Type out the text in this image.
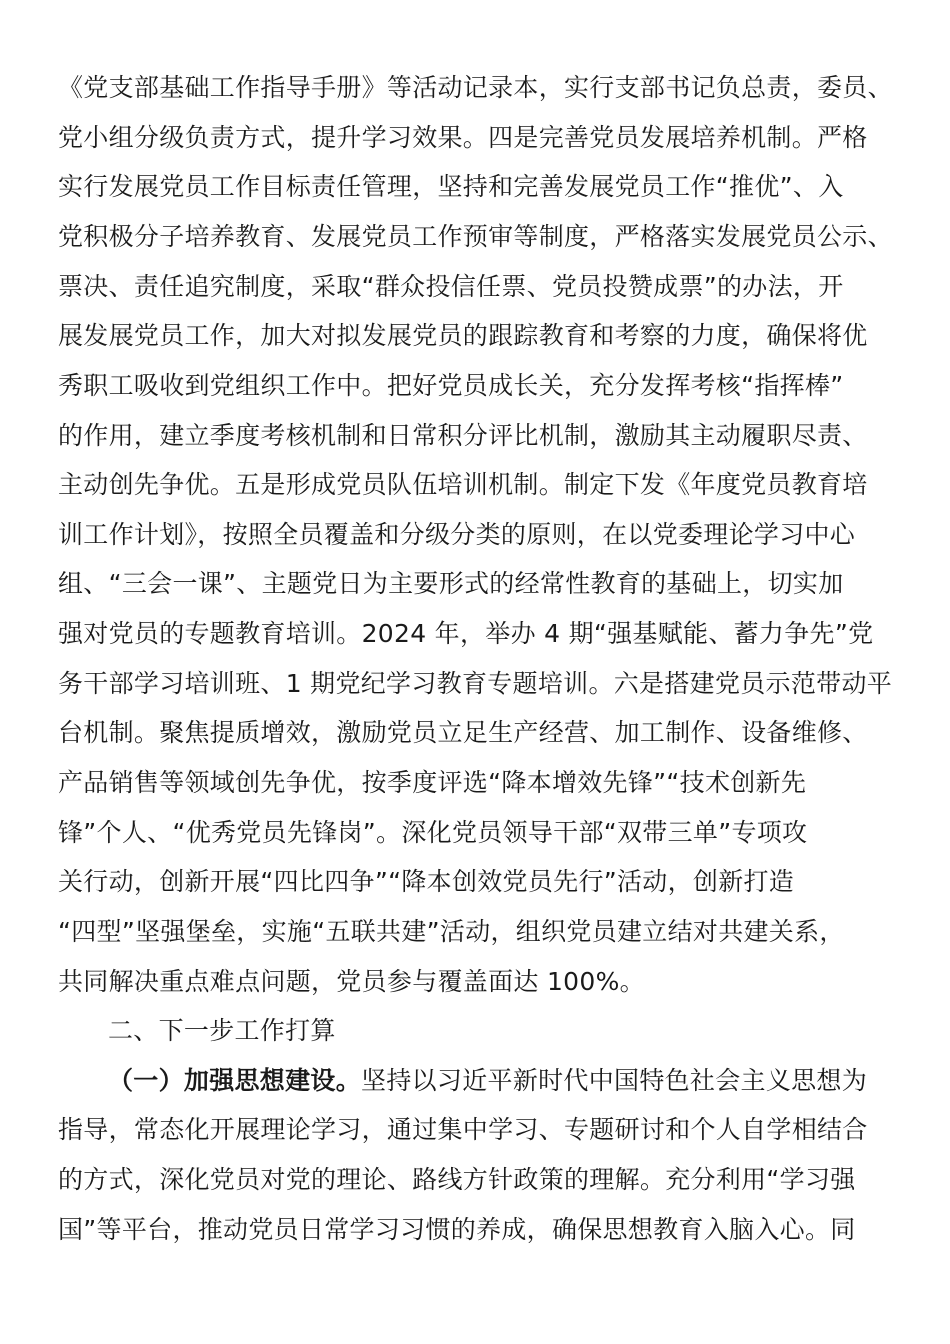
《党支部基础工作指导手册》等活动记录本，实行支部书记负总责，委员、
党小组分级负责方式，提升学习效果。四是完善党员发展培养机制。严格
实行发展党员工作目标责任管理，坚持和完善发展党员工作“推优”、入
党积极分子培养教育、发展党员工作预审等制度，严格落实发展党员公示、
票决、责任追究制度，采取“群众投信任票、党员投赞成票”的办法，开
展发展党员工作，加大对拟发展党员的跟踪教育和考察的力度，确保将优
秀职工吸收到党组织工作中。把好党员成长关，充分发挥考核“指挥棒”
的作用，建立季度考核机制和日常积分评比机制，激励其主动履职尽责、
主动创先争优。五是形成党员队伍培训机制。制定下发《年度党员教育培
训工作计划》，按照全员覆盖和分级分类的原则，在以党委理论学习中心
组、“三会一课”、主题党日为主要形式的经常性教育的基础上，切实加
强对党员的专题教育培训。2024 年，举办 4 期“强基赋能、蓄力争先”党
务干部学习培训班、1 期党纪学习教育专题培训。六是搭建党员示范带动平
台机制。聚焦提质增效，激励党员立足生产经营、加工制作、设备维修、
产品销售等领域创先争优，按季度评选“降本增效先锋”“技术创新先
锋”个人、“优秀党员先锋岗”。深化党员领导干部“双带三单”专项攻
关行动，创新开展“四比四争”“降本创效党员先行”活动，创新打造
“四型”坚强堡垒，实施“五联共建”活动，组织党员建立结对共建关系，
共同解决重点难点问题，党员参与覆盖面达 100%。
二、下一步工作打算
（一）加强思想建设。坚持以习近平新时代中国特色社会主义思想为
指导，常态化开展理论学习，通过集中学习、专题研讨和个人自学相结合
的方式，深化党员对党的理论、路线方针政策的理解。充分利用“学习强
国”等平台，推动党员日常学习习惯的养成，确保思想教育入脑入心。同
